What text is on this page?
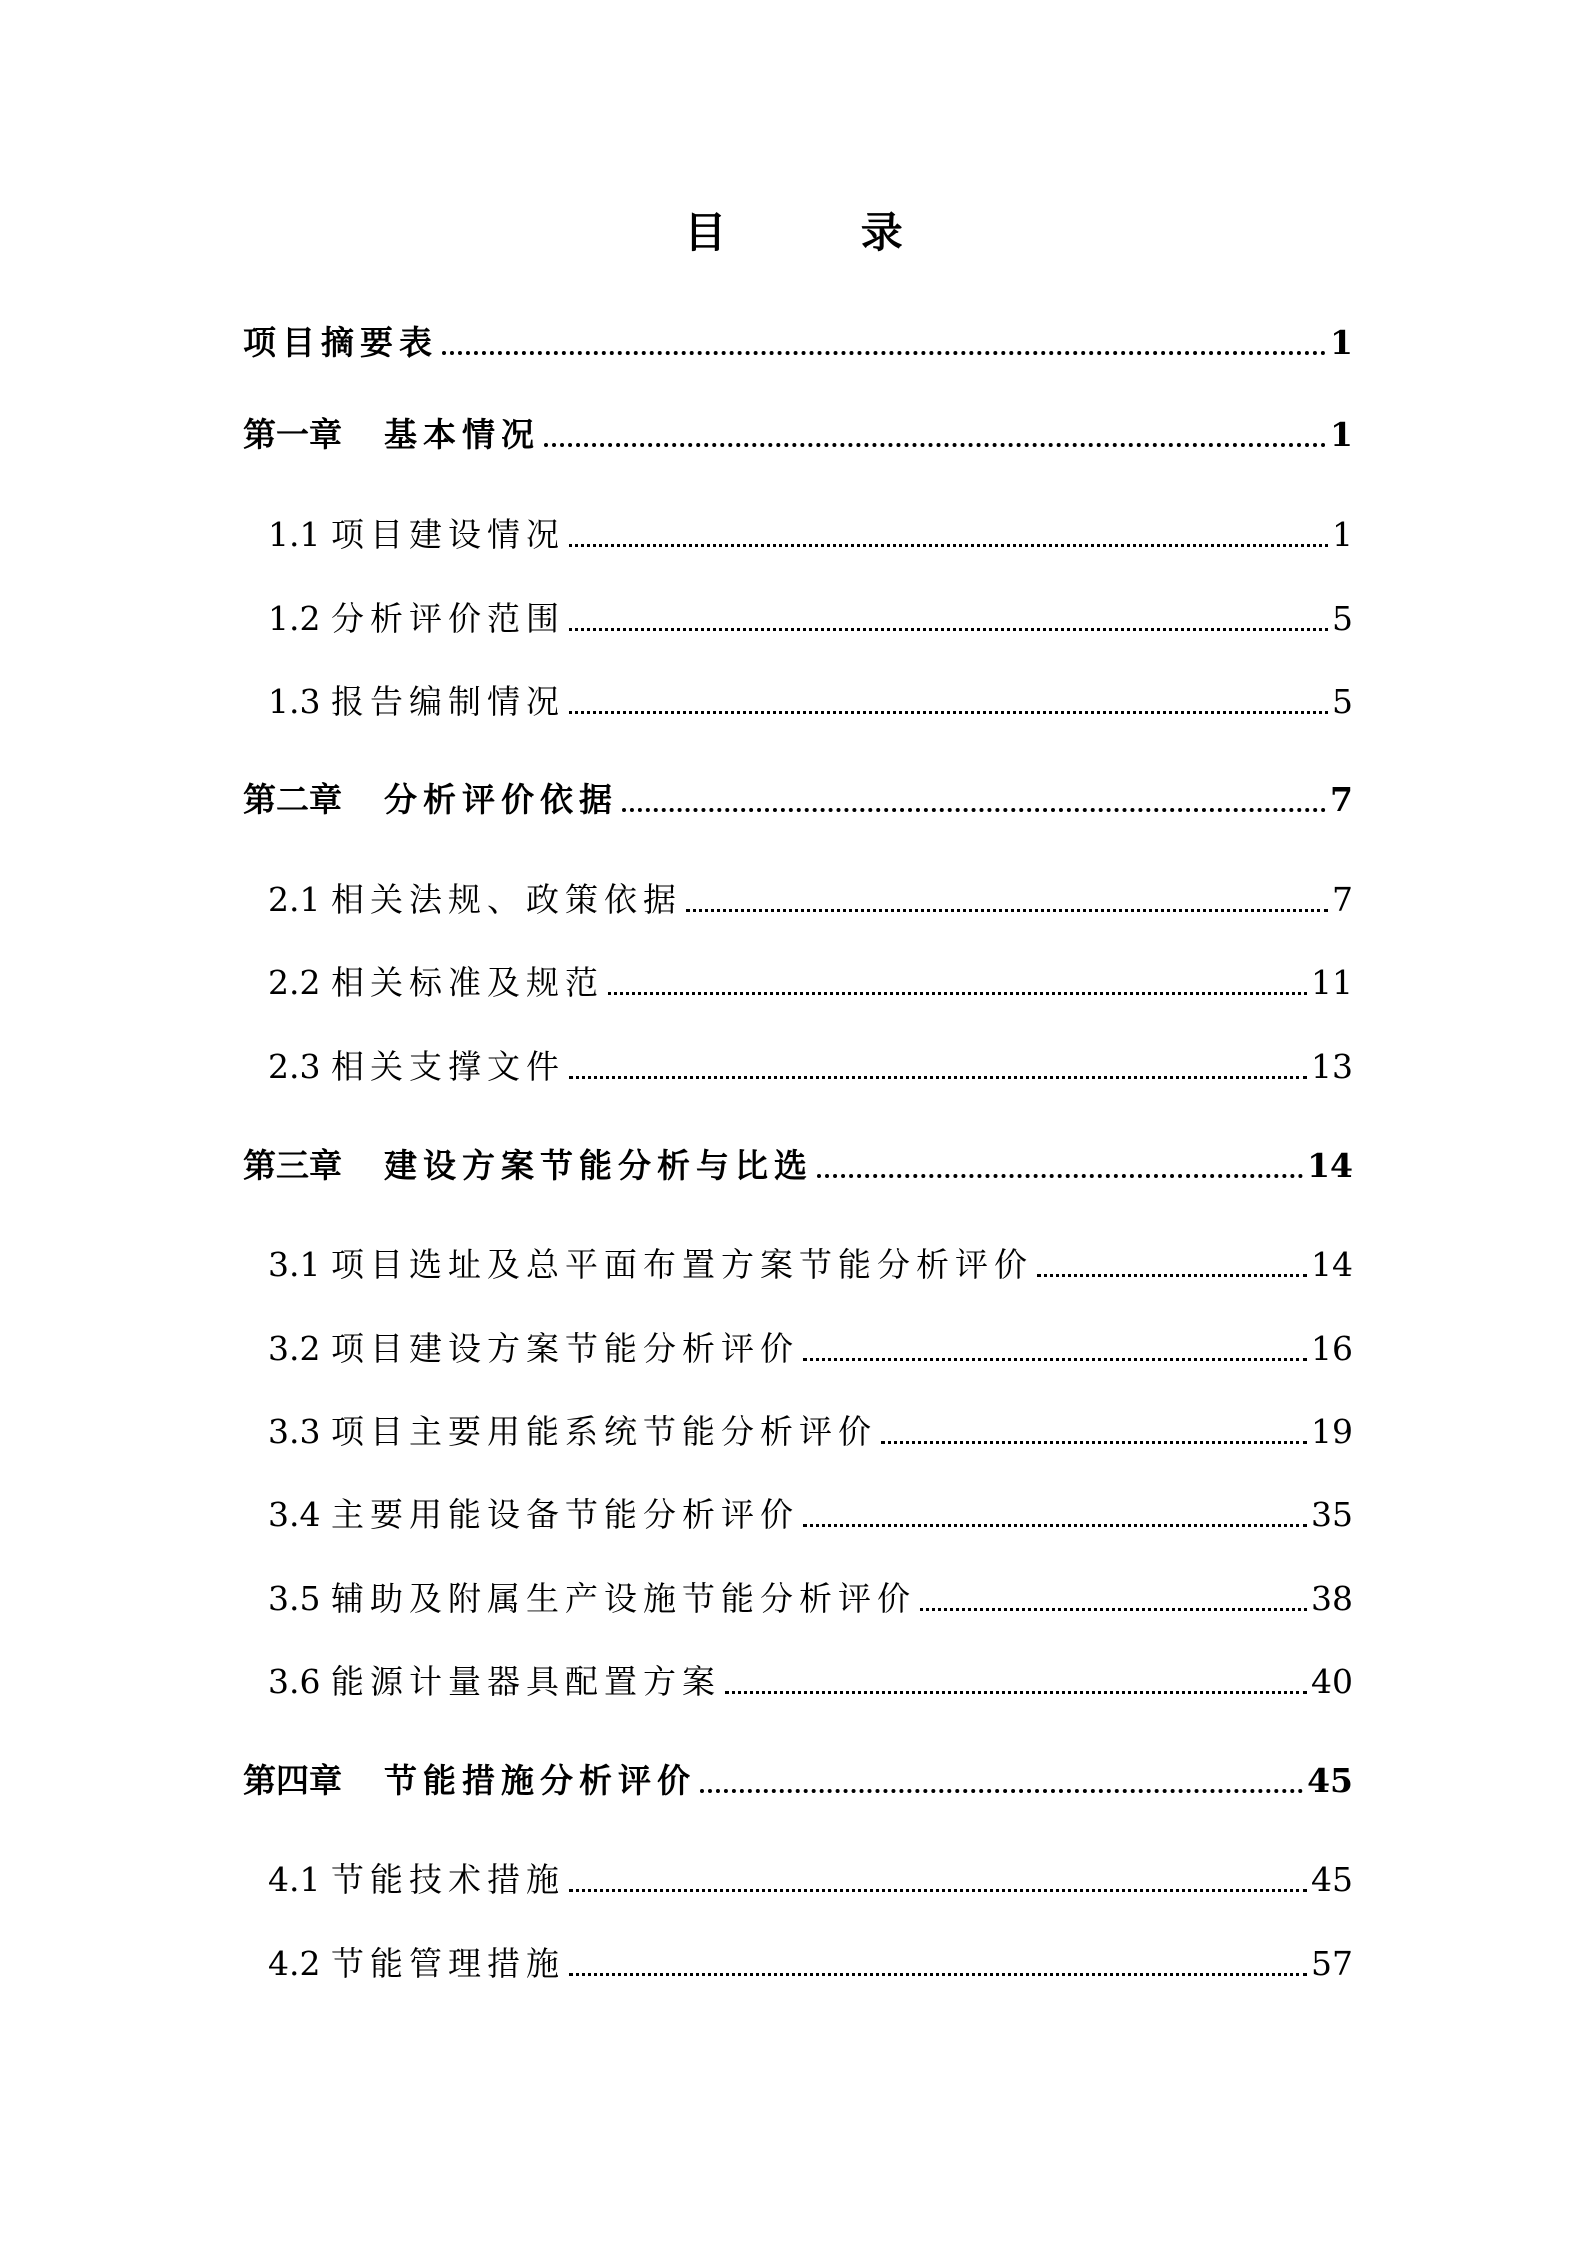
目 录
项目摘要表	1
第一章 基本情况	1
1.1 项目建设情况	1
1.2 分析评价范围	5
1.3 报告编制情况	5
第二章 分析评价依据	7
2.1 相关法规、政策依据	7
2.2 相关标准及规范	11
2.3 相关支撑文件	13
第三章 建设方案节能分析与比选	14
3.1 项目选址及总平面布置方案节能分析评价	14
3.2 项目建设方案节能分析评价	16
3.3 项目主要用能系统节能分析评价	19
3.4 主要用能设备节能分析评价	35
3.5 辅助及附属生产设施节能分析评价	38
3.6 能源计量器具配置方案	40
第四章 节能措施分析评价	45
4.1 节能技术措施	45
4.2 节能管理措施	57
